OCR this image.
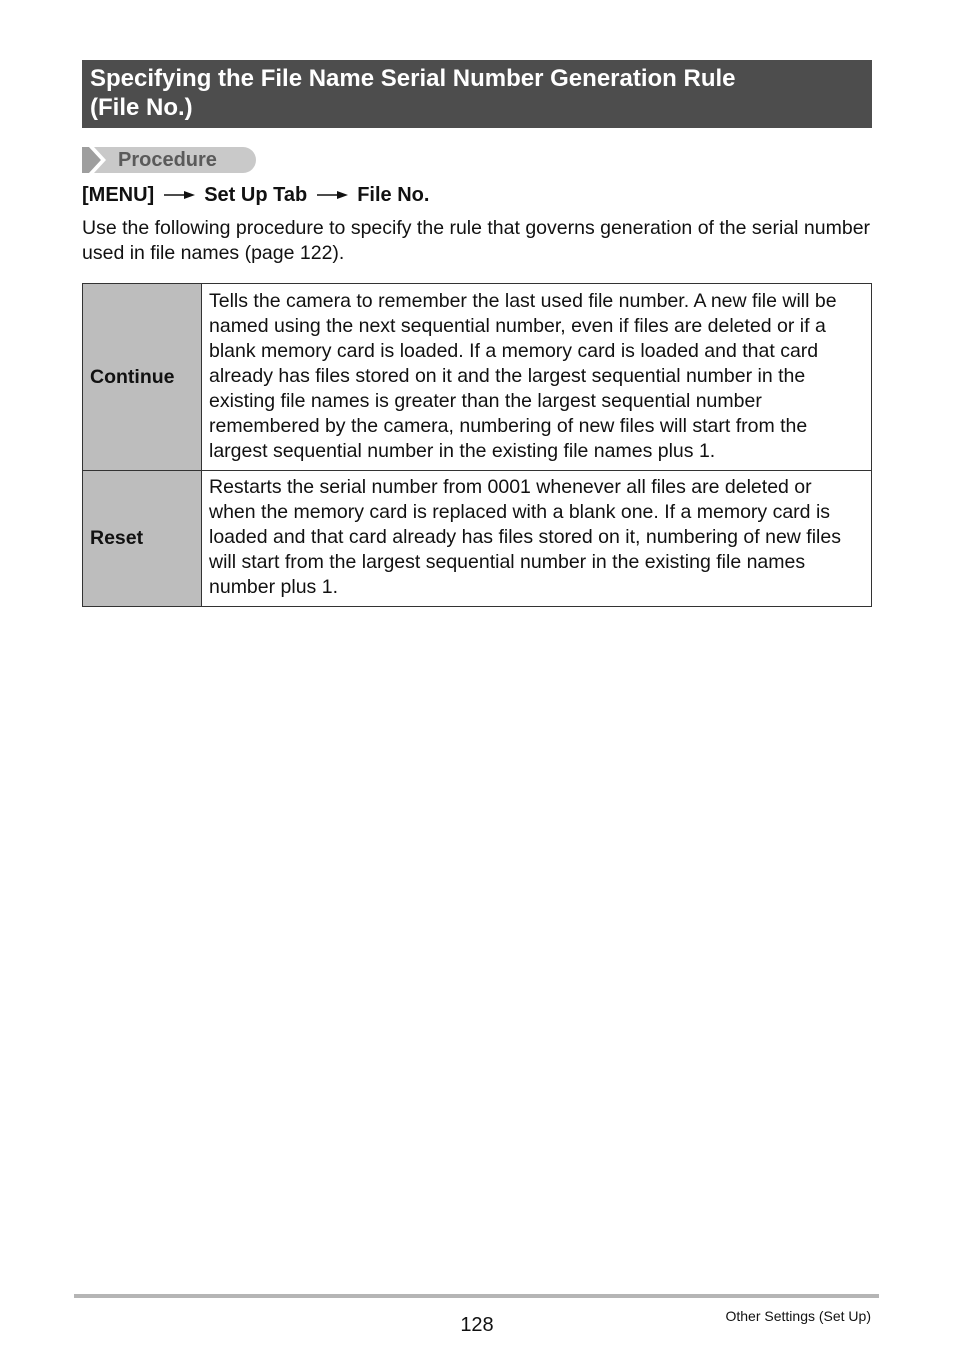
Specifying the File Name Serial Number Generation Rule
(File No.)

Procedure
[MENU]	Set Up Tab	File No.

Use the following procedure to specify the rule that governs generation of the serial number used in file names (page 122).

Continue	Tells the camera to remember the last used file number. A new file will be named using the next sequential number, even if files are deleted or if a blank memory card is loaded. If a memory card is loaded and that card already has files stored on it and the largest sequential number in the existing file names is greater than the largest sequential number remembered by the camera, numbering of new files will start from the largest sequential number in the existing file names plus 1.
Reset	Restarts the serial number from 0001 whenever all files are deleted or when the memory card is replaced with a blank one. If a memory card is loaded and that card already has files stored on it, numbering of new files will start from the largest sequential number in the existing file names number plus 1.
128	Other Settings (Set Up)
